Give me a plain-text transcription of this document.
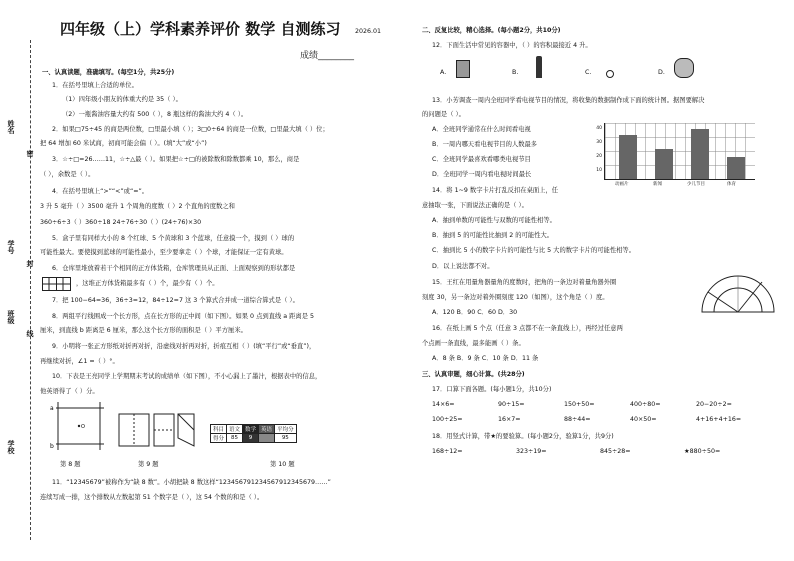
姓名
学号
班级
学校
密
封
线
四年级（上）学科素养评价 数学 自测练习 2026.01
成绩________
一、认真读题，准确填写。(每空1分，共25分)
1．在括号里填上合适的单位。
（1）四年级小朋友的体重大约是 35（ ）。
（2）一瓶酱油容量大约有 500（ ），8 瓶这样的酱油大约 4（ ）。
2．如果□75÷45 的商是两位数，□里最小填（ ）；3□0÷64 的商是一位数，□里最大填（ ）位；
把 64 增加 60 米试商，初商可能会偏（ ）。(填“大”或“小”)
3．☆÷□=26……11，☆÷△最（ ）。如果把☆÷□的被除数和除数都乘 10，那么，商是
（ ），余数是（ ）。
4．在括号里填上“>”“<”或“=”。
3 升 5 毫升（ ）3500 毫升 1 个周角的度数（ ）2 个直角的度数之和
360÷6÷3（ ）360÷18 24÷76÷30（ ）(24÷76)×30
5．盒子里有同样大小的 8 个红球、5 个黄球和 3 个蓝球，任意摸一个，摸到（ ）球的
可能性最大。要使摸到蓝球的可能性最小，至少要拿走（ ）个球，才能保证一定有黄球。
6．仓库里堆放着若干个相同的正方体货箱，仓库管理员从正面、上面观察到的形状都是
，这堆正方体货箱最多有（ ）个，最少有（ ）个。
7．把 100−64=36，36÷3=12，84÷12=7 这 3 个算式合并成一道综合算式是（ ）。
8．两组平行线围成一个长方形，点在长方形的正中间（如下图）。如果 0 点到直线 a 距离是 5
厘米，到直线 b 距离是 6 厘米，那么这个长方形的面积是（ ）平方厘米。
9．小明将一张正方形纸对折再对折，沿虚线对折再对折，折痕互相（ ）(填“平行”或“垂直”)，
再继续对折，∠1 =（ ）°。
10．下表是王亮同学上学期期末考试的成绩单（如下图），不小心漏上了墨汁，根据表中的信息，
他英语得了（ ）分。
a
b
O
第 8 题	第 9 题
科目	语文	数学	英语	平均分
得分	85	9		95
第 10 题
11．“12345679”被称作为“缺 8 数”。小胡把缺 8 数这样“123456791234567912345679……”
连续写成一排，这个排数从左数起第 51 个数字是（ ），这 54 个数的和是（ ）。
二、反复比较，精心选择。(每小题2分，共10分)
12．下面生活中常见的容器中，（ ）的容积最接近 4 升。
A.	B.	C.	D.
13．小芳调查一周内全班同学看电视节目的情况，将收集的数据制作成下面的统计图。据图要解决
的问题是（ ）。
A．全班同学通常在什么时间看电视
B．一周内哪天看电视节目的人数最多
C．全班同学最喜欢看哪类电视节目
D．全班同学一周内看电视时间最长
40
30
20
10
动画片	新闻	少儿节目	体育
14．将 1~9 数字卡片打乱反扣在桌面上，任
意抽取一张，下面说法正确的是（ ）。
A．抽到单数的可能性与双数的可能性相等。
B．抽到 5 的可能性比抽到 2 的可能性大。
C．抽到比 5 小的数字卡片的可能性与比 5 大的数字卡片的可能性相等。
D．以上说法都不对。
15．王红在用量角器量角的度数时，把角的一条边对着量角器外圈
刻度 30，另一条边对着外圈刻度 120（如图），这个角是（ ）度。
A．120 B．90 C．60 D．30
16．在纸上画 5 个点（任意 3 点都不在一条直线上），再经过任意两
个点画一条直线，最多能画（ ）条。
A．8 条 B．9 条 C．10 条 D．11 条
三、认真审题，细心计算。(共28分)
17．口算下面各题。(每小题1分，共10分)
14×6=	90÷15=	150+50=	400÷80=	20−20÷2=
100÷25=	16×7=	88÷44=	40×50=	4+16+4+16=
18．用竖式计算，带★的要验算。(每小题2分，验算1分，共9分)
168÷12=	323÷19=	845÷28=	★880÷50=
